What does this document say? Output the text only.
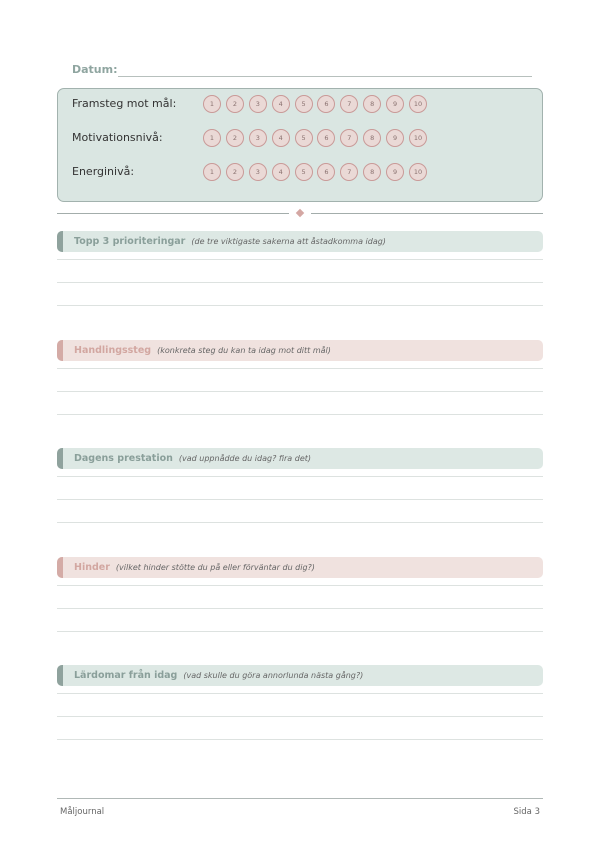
Datum:
Framsteg mot mål:	1	2	3	4	5	6	7	8	9	10
Motivationsnivå:	1	2	3	4	5	6	7	8	9	10
Energinivå:	1	2	3	4	5	6	7	8	9	10
Topp 3 prioriteringar (de tre viktigaste sakerna att åstadkomma idag)
Handlingssteg (konkreta steg du kan ta idag mot ditt mål)
Dagens prestation (vad uppnådde du idag? fira det)
Hinder (vilket hinder stötte du på eller förväntar du dig?)
Lärdomar från idag (vad skulle du göra annorlunda nästa gång?)
Måljournal	Sida 3
